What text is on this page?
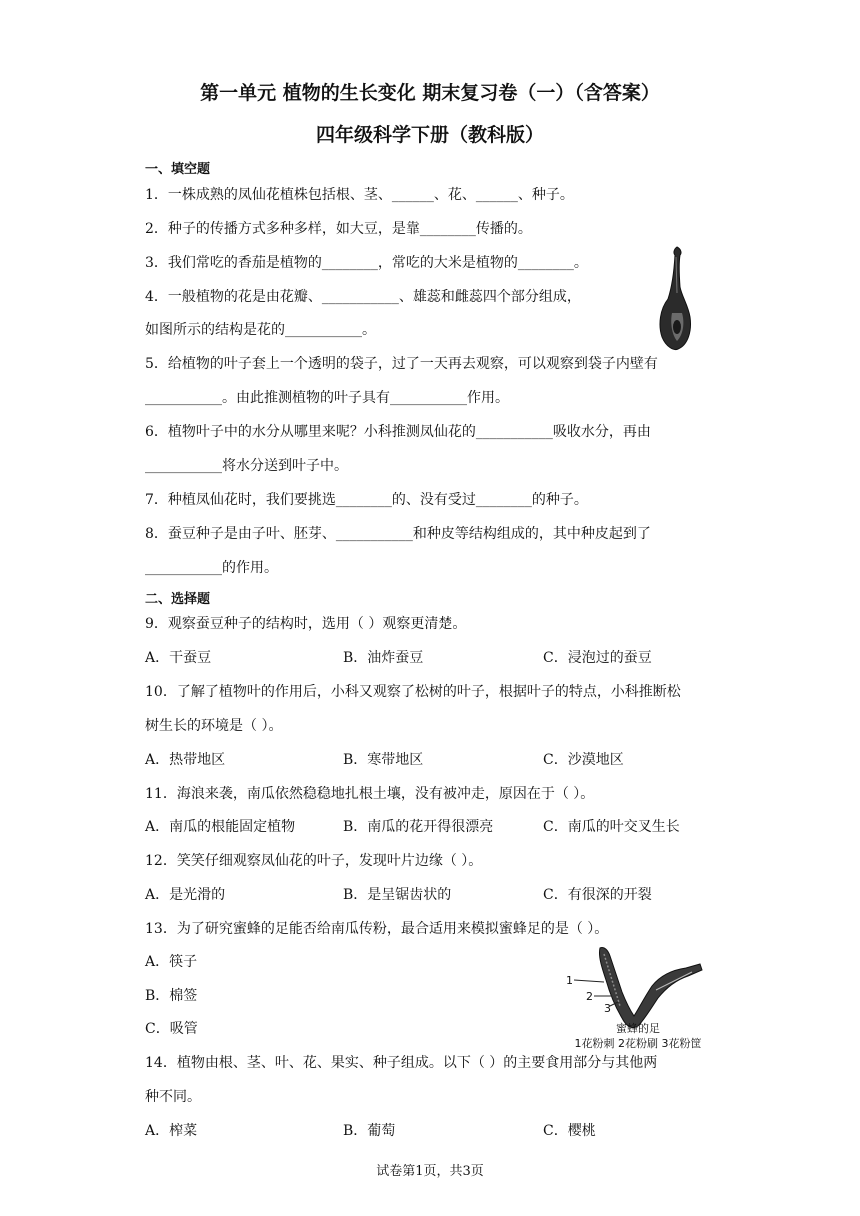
第一单元 植物的生长变化 期末复习卷（一）（含答案）
四年级科学下册（教科版）
一、填空题
1．一株成熟的凤仙花植株包括根、茎、______、花、______、种子。
2．种子的传播方式多种多样，如大豆，是靠________传播的。
3．我们常吃的香茄是植物的________，常吃的大米是植物的________。
4．一般植物的花是由花瓣、___________、雄蕊和雌蕊四个部分组成，
如图所示的结构是花的___________。
5．给植物的叶子套上一个透明的袋子，过了一天再去观察，可以观察到袋子内壁有
___________。由此推测植物的叶子具有___________作用。
6．植物叶子中的水分从哪里来呢？小科推测凤仙花的___________吸收水分，再由
___________将水分送到叶子中。
7．种植凤仙花时，我们要挑选________的、没有受过________的种子。
8．蚕豆种子是由子叶、胚芽、___________和种皮等结构组成的，其中种皮起到了
___________的作用。
二、选择题
9．观察蚕豆种子的结构时，选用（ ）观察更清楚。
A．干蚕豆	B．油炸蚕豆	C．浸泡过的蚕豆
10．了解了植物叶的作用后，小科又观察了松树的叶子，根据叶子的特点，小科推断松
树生长的环境是（ ）。
A．热带地区	B．寒带地区	C．沙漠地区
11．海浪来袭，南瓜依然稳稳地扎根土壤，没有被冲走，原因在于（ ）。
A．南瓜的根能固定植物	B．南瓜的花开得很漂亮	C．南瓜的叶交叉生长
12．笑笑仔细观察凤仙花的叶子，发现叶片边缘（ ）。
A．是光滑的	B．是呈锯齿状的	C．有很深的开裂
13．为了研究蜜蜂的足能否给南瓜传粉，最合适用来模拟蜜蜂足的是（ ）。
A．筷子
B．棉签
C．吸管
1
2
3
蜜蜂的足
1花粉刺 2花粉刷 3花粉筐
14．植物由根、茎、叶、花、果实、种子组成。以下（ ）的主要食用部分与其他两
种不同。
A．榨菜	B．葡萄	C．樱桃
试卷第1页，共3页
